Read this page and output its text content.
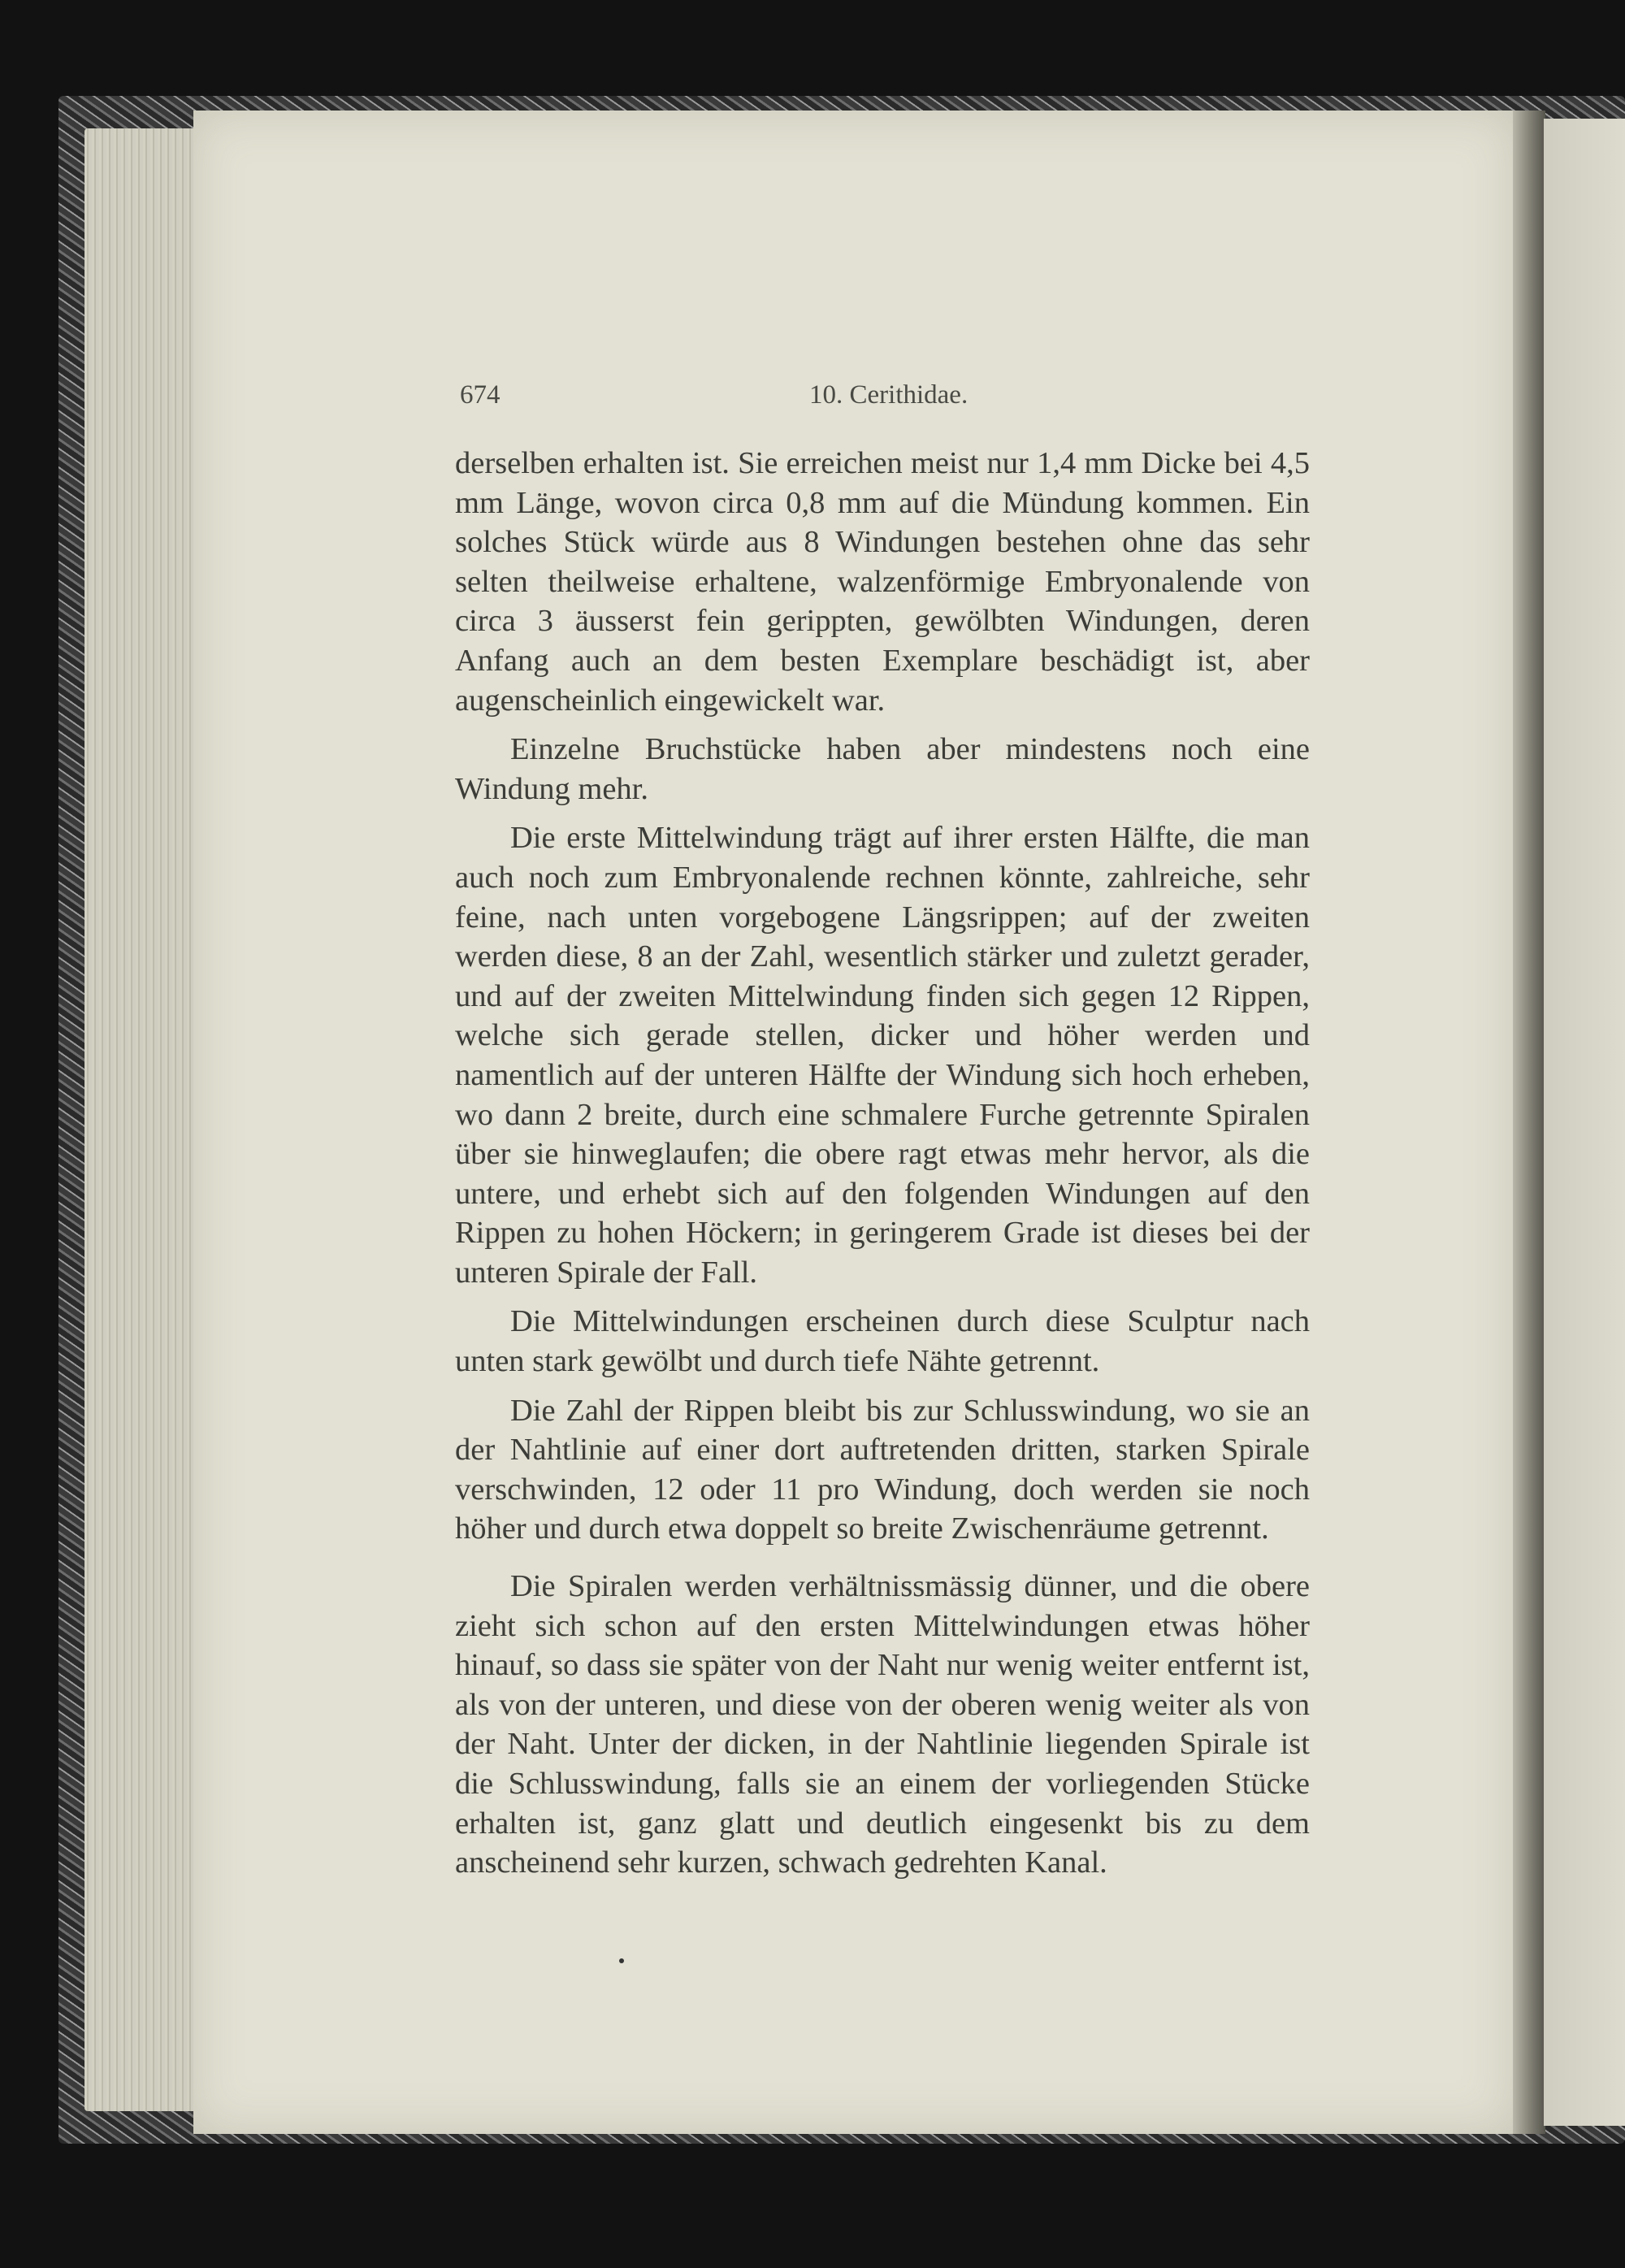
674	10. Cerithidae.

derselben erhalten ist. Sie erreichen meist nur 1,4 mm Dicke bei 4,5 mm Länge, wovon circa 0,8 mm auf die Mündung kommen. Ein solches Stück würde aus 8 Windungen bestehen ohne das sehr selten theilweise erhaltene, walzenförmige Embryonalende von circa 3 äusserst fein gerippten, gewölbten Windungen, deren Anfang auch an dem besten Exemplare beschädigt ist, aber augenscheinlich eingewickelt war.

Einzelne Bruchstücke haben aber mindestens noch eine Windung mehr.

Die erste Mittelwindung trägt auf ihrer ersten Hälfte, die man auch noch zum Embryonalende rechnen könnte, zahlreiche, sehr feine, nach unten vorgebogene Längsrippen; auf der zweiten werden diese, 8 an der Zahl, wesentlich stärker und zuletzt gerader, und auf der zweiten Mittelwindung finden sich gegen 12 Rippen, welche sich gerade stellen, dicker und höher werden und namentlich auf der unteren Hälfte der Windung sich hoch erheben, wo dann 2 breite, durch eine schmalere Furche getrennte Spiralen über sie hinweglaufen; die obere ragt etwas mehr hervor, als die untere, und erhebt sich auf den folgenden Windungen auf den Rippen zu hohen Höckern; in geringerem Grade ist dieses bei der unteren Spirale der Fall.

Die Mittelwindungen erscheinen durch diese Sculptur nach unten stark gewölbt und durch tiefe Nähte getrennt.

Die Zahl der Rippen bleibt bis zur Schlusswindung, wo sie an der Nahtlinie auf einer dort auftretenden dritten, starken Spirale verschwinden, 12 oder 11 pro Windung, doch werden sie noch höher und durch etwa doppelt so breite Zwischenräume getrennt.

Die Spiralen werden verhältnissmässig dünner, und die obere zieht sich schon auf den ersten Mittelwindungen etwas höher hinauf, so dass sie später von der Naht nur wenig weiter entfernt ist, als von der unteren, und diese von der oberen wenig weiter als von der Naht. Unter der dicken, in der Nahtlinie liegenden Spirale ist die Schlusswindung, falls sie an einem der vorliegenden Stücke erhalten ist, ganz glatt und deutlich eingesenkt bis zu dem anscheinend sehr kurzen, schwach gedrehten Kanal.
